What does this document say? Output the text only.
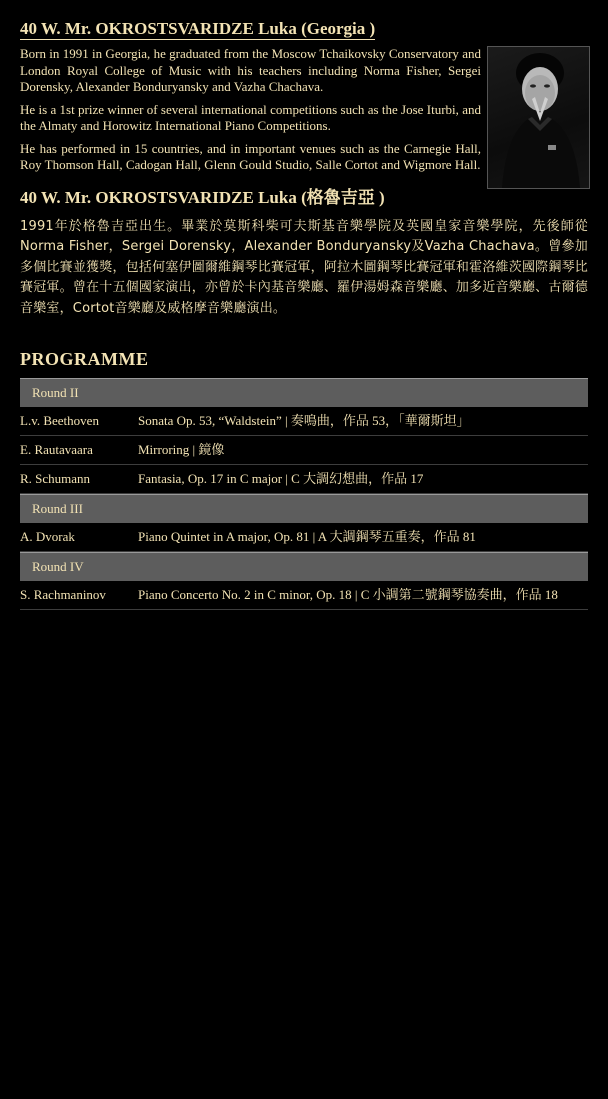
40 W. Mr. OKROSTSVARIDZE Luka (Georgia )

Born in 1991 in Georgia, he graduated from the Moscow Tchaikovsky Conservatory and London Royal College of Music with his teachers including Norma Fisher, Sergei Dorensky, Alexander Bonduryansky and Vazha Chachava.

He is a 1st prize winner of several international competitions such as the Jose Iturbi, and the Almaty and Horowitz International Piano Competitions.

He has performed in 15 countries, and in important venues such as the Carnegie Hall, Roy Thomson Hall, Cadogan Hall, Glenn Gould Studio, Salle Cortot and Wigmore Hall.

40 W. Mr. OKROSTSVARIDZE Luka (格魯吉亞 )

1991年於格魯吉亞出生。畢業於莫斯科柴可夫斯基音樂學院及英國皇家音樂學院，先後師從Norma Fisher，Sergei Dorensky，Alexander Bonduryansky及Vazha Chachava。曾參加多個比賽並獲獎，包括何塞伊圖爾維鋼琴比賽冠軍，阿拉木圖鋼琴比賽冠軍和霍洛維茨國際鋼琴比賽冠軍。曾在十五個國家演出，亦曾於卡內基音樂廳、羅伊湯姆森音樂廳、加多近音樂廳、古爾德音樂室，Cortot音樂廳及威格摩音樂廳演出。

PROGRAMME
Round II
L.v. Beethoven	Sonata Op. 53, “Waldstein” | 奏鳴曲，作品 53，「華爾斯坦」
E. Rautavaara	Mirroring | 鏡像
R. Schumann	Fantasia, Op. 17 in C major | C 大調幻想曲，作品 17
Round III
A. Dvorak	Piano Quintet in A major, Op. 81 | A 大調鋼琴五重奏，作品 81
Round IV
S. Rachmaninov	Piano Concerto No. 2 in C minor, Op. 18 | C 小調第二號鋼琴協奏曲，作品 18
